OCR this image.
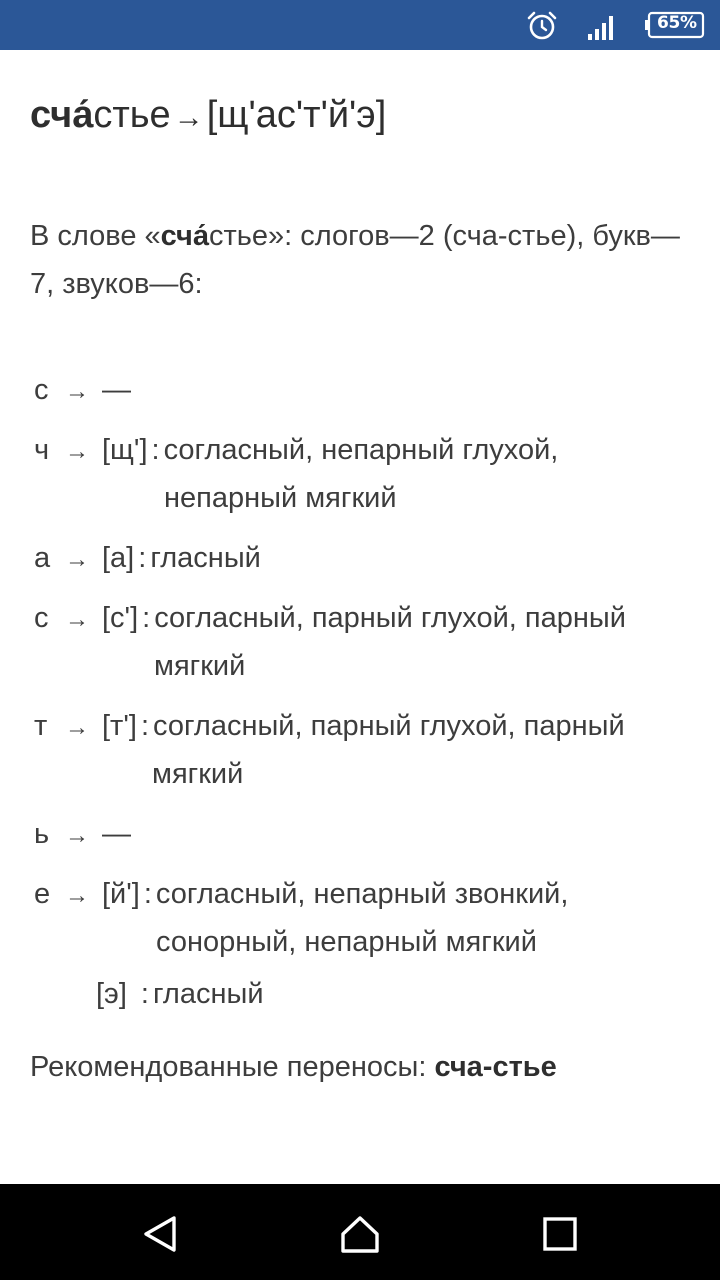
65%
сча́стье →[щ'ас'т'й'э]
В слове «сча́стье»: слогов—2 (сча-стье), букв—7, звуков—6:
с → —
ч → [щ'] : согласный, непарный глухой,
непарный мягкий
а → [а] : гласный
с → [с'] : согласный, парный глухой, парный
мягкий
т → [т'] : согласный, парный глухой, парный
мягкий
ь → —
е → [й'] : согласный, непарный звонкий,
сонорный, непарный мягкий
[э] : гласный
Рекомендованные переносы: сча-стье
